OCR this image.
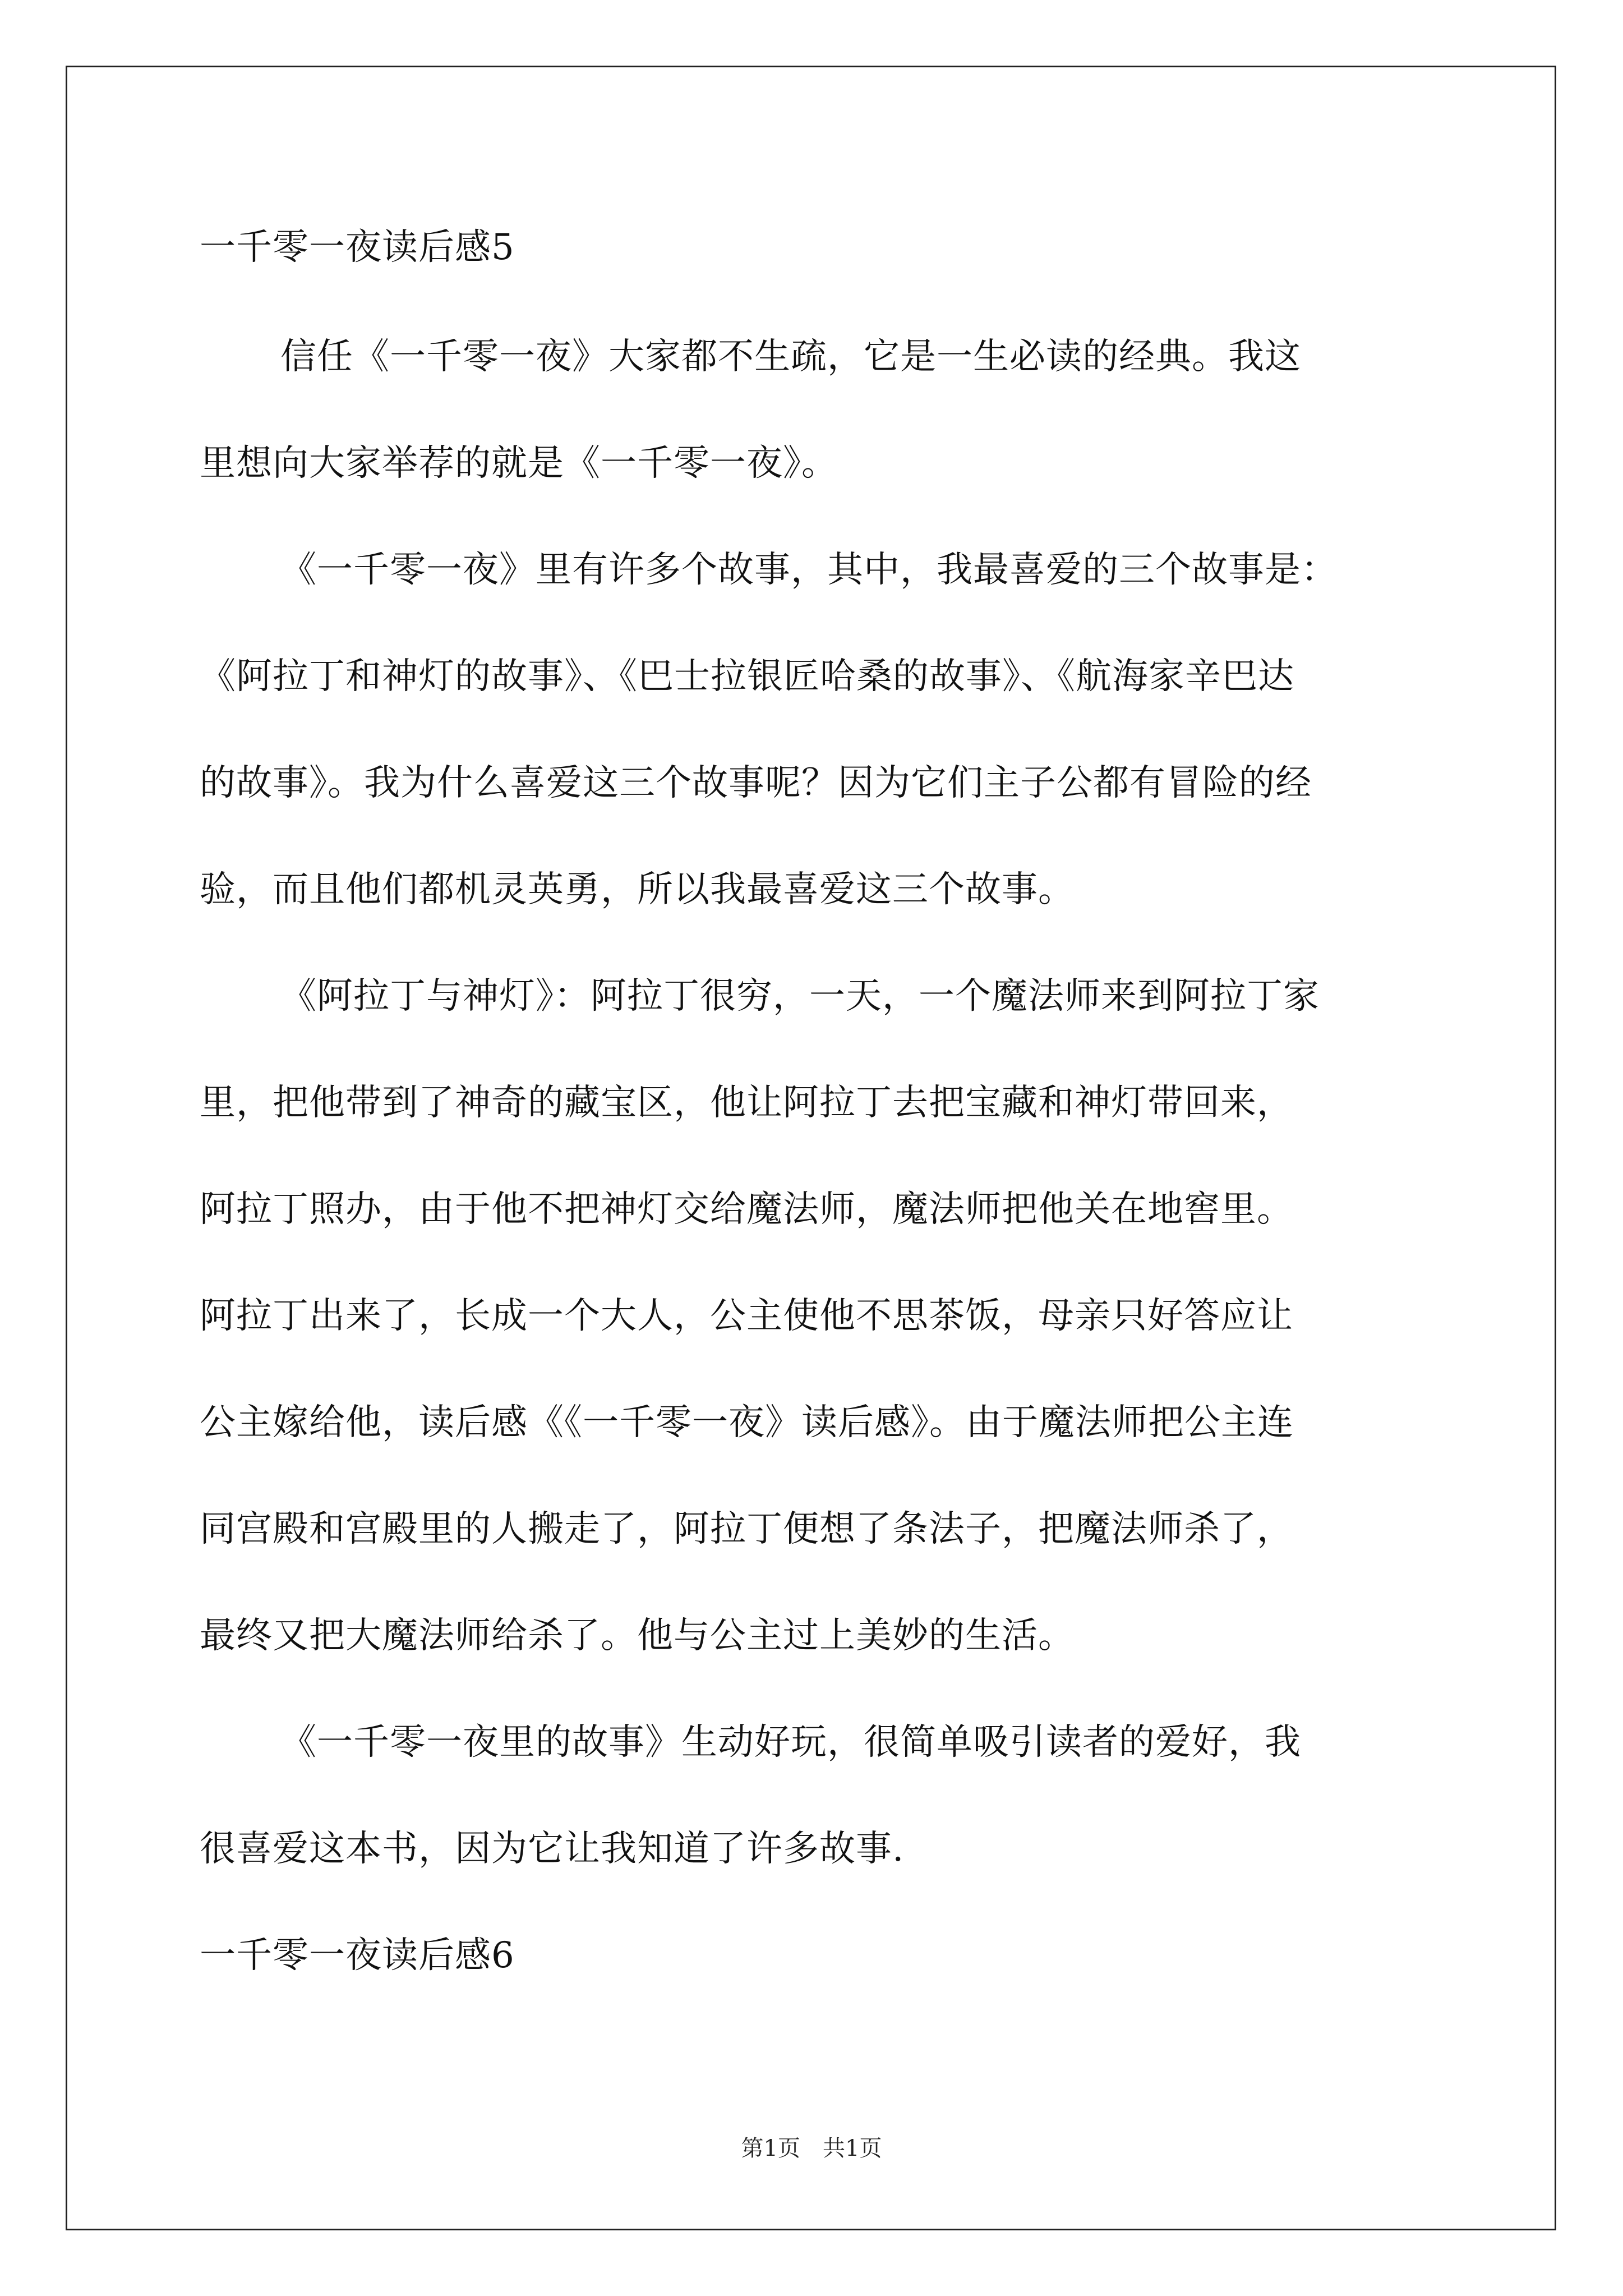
一千零一夜读后感5
信任《一千零一夜》大家都不生疏，它是一生必读的经典。我这
里想向大家举荐的就是《一千零一夜》。
《一千零一夜》里有许多个故事，其中，我最喜爱的三个故事是：
《阿拉丁和神灯的故事》、《巴士拉银匠哈桑的故事》、《航海家辛巴达
的故事》。我为什么喜爱这三个故事呢？因为它们主子公都有冒险的经
验，而且他们都机灵英勇，所以我最喜爱这三个故事。
《阿拉丁与神灯》：阿拉丁很穷，一天，一个魔法师来到阿拉丁家
里，把他带到了神奇的藏宝区，他让阿拉丁去把宝藏和神灯带回来，
阿拉丁照办，由于他不把神灯交给魔法师，魔法师把他关在地窖里。
阿拉丁出来了，长成一个大人，公主使他不思茶饭，母亲只好答应让
公主嫁给他，读后感《《一千零一夜》读后感》。由于魔法师把公主连
同宫殿和宫殿里的人搬走了，阿拉丁便想了条法子，把魔法师杀了，
最终又把大魔法师给杀了。他与公主过上美妙的生活。
《一千零一夜里的故事》生动好玩，很简单吸引读者的爱好，我
很喜爱这本书，因为它让我知道了许多故事.
一千零一夜读后感6
第1页　共1页
